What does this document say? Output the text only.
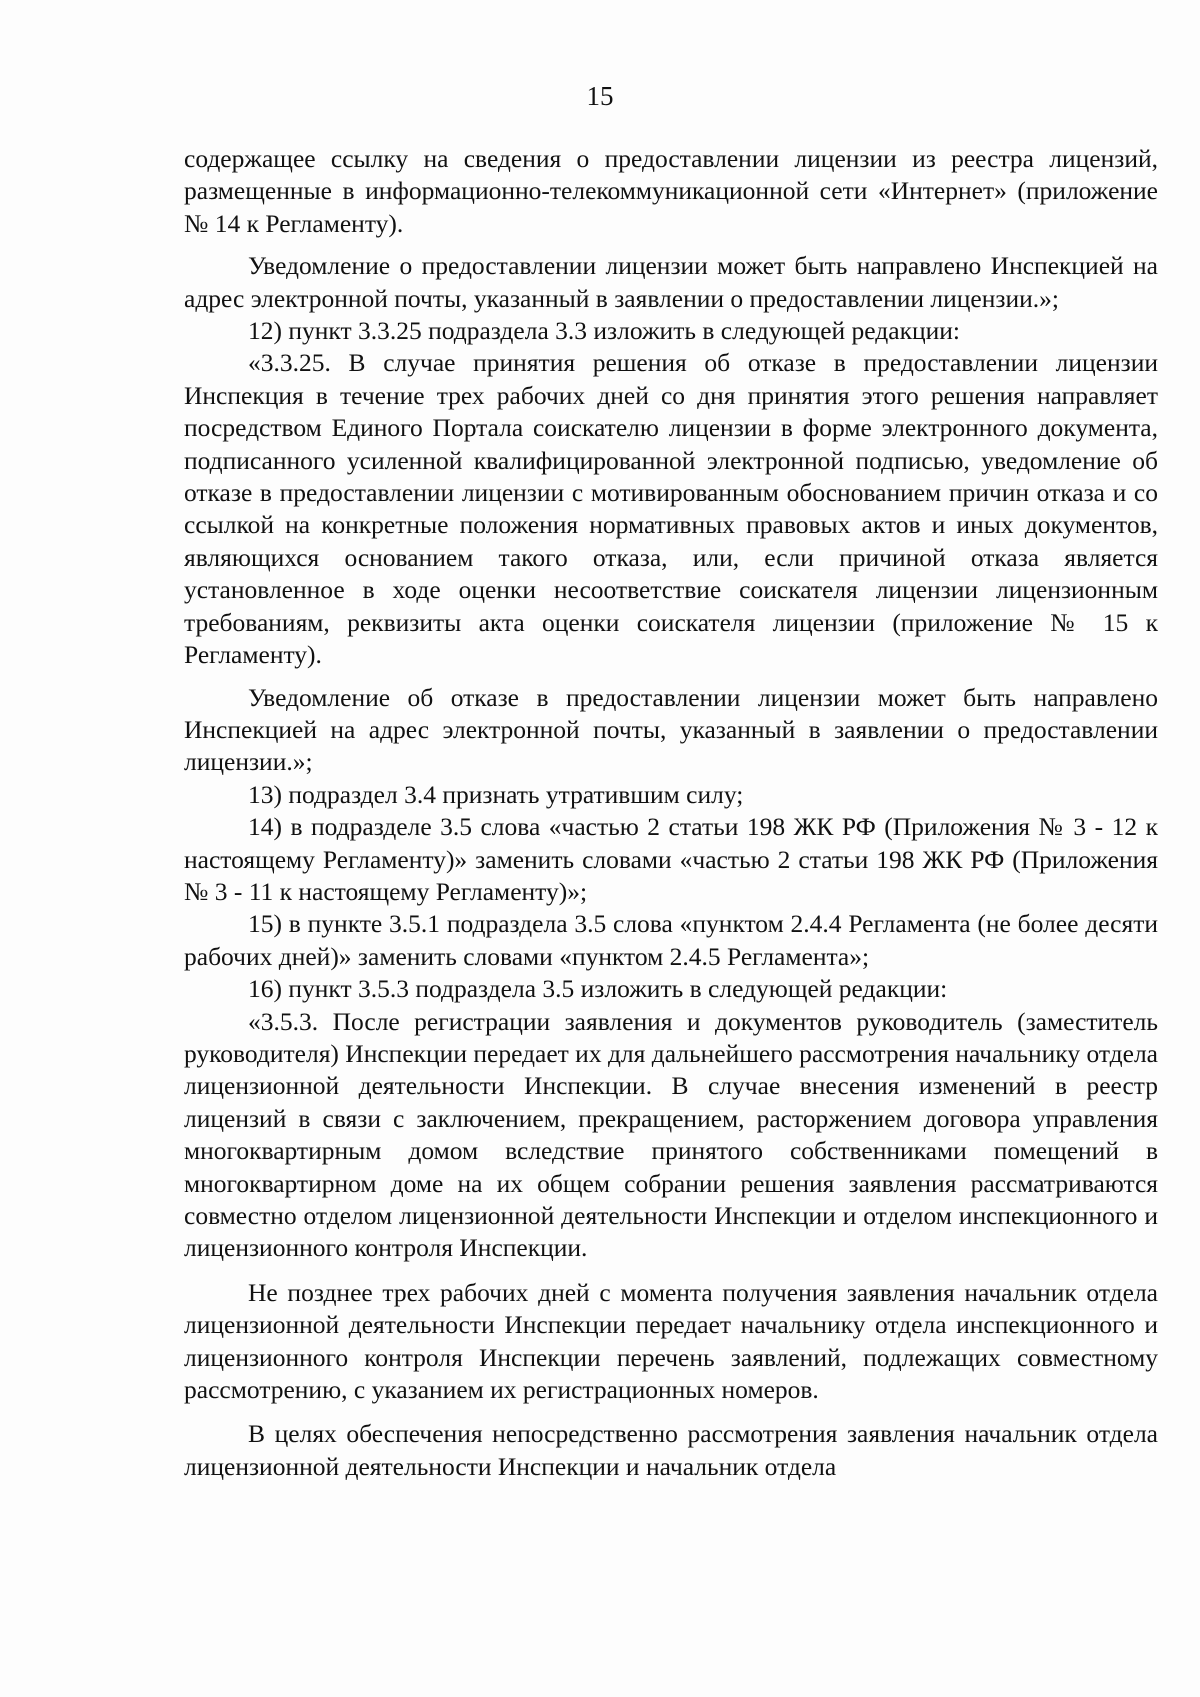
15

содержащее ссылку на сведения о предоставлении лицензии из реестра лицензий, размещенные в информационно-телекоммуникационной сети «Интернет» (приложение № 14 к Регламенту).

Уведомление о предоставлении лицензии может быть направлено Инспекцией на адрес электронной почты, указанный в заявлении о предоставлении лицензии.»;

12) пункт 3.3.25 подраздела 3.3 изложить в следующей редакции:

«3.3.25. В случае принятия решения об отказе в предоставлении лицензии Инспекция в течение трех рабочих дней со дня принятия этого решения направляет посредством Единого Портала соискателю лицензии в форме электронного документа, подписанного усиленной квалифицированной электронной подписью, уведомление об отказе в предоставлении лицензии с мотивированным обоснованием причин отказа и со ссылкой на конкретные положения нормативных правовых актов и иных документов, являющихся основанием такого отказа, или, если причиной отказа является установленное в ходе оценки несоответствие соискателя лицензии лицензионным требованиям, реквизиты акта оценки соискателя лицензии (приложение № 15 к Регламенту).

Уведомление об отказе в предоставлении лицензии может быть направлено Инспекцией на адрес электронной почты, указанный в заявлении о предоставлении лицензии.»;

13) подраздел 3.4 признать утратившим силу;

14) в подразделе 3.5 слова «частью 2 статьи 198 ЖК РФ (Приложения № 3 - 12 к настоящему Регламенту)» заменить словами «частью 2 статьи 198 ЖК РФ (Приложения № 3 - 11 к настоящему Регламенту)»;

15) в пункте 3.5.1 подраздела 3.5 слова «пунктом 2.4.4 Регламента (не более десяти рабочих дней)» заменить словами «пунктом 2.4.5 Регламента»;

16) пункт 3.5.3 подраздела 3.5 изложить в следующей редакции:

«3.5.3. После регистрации заявления и документов руководитель (заместитель руководителя) Инспекции передает их для дальнейшего рассмотрения начальнику отдела лицензионной деятельности Инспекции. В случае внесения изменений в реестр лицензий в связи с заключением, прекращением, расторжением договора управления многоквартирным домом вследствие принятого собственниками помещений в многоквартирном доме на их общем собрании решения заявления рассматриваются совместно отделом лицензионной деятельности Инспекции и отделом инспекционного и лицензионного контроля Инспекции.

Не позднее трех рабочих дней с момента получения заявления начальник отдела лицензионной деятельности Инспекции передает начальнику отдела инспекционного и лицензионного контроля Инспекции перечень заявлений, подлежащих совместному рассмотрению, с указанием их регистрационных номеров.

В целях обеспечения непосредственно рассмотрения заявления начальник отдела лицензионной деятельности Инспекции и начальник отдела
